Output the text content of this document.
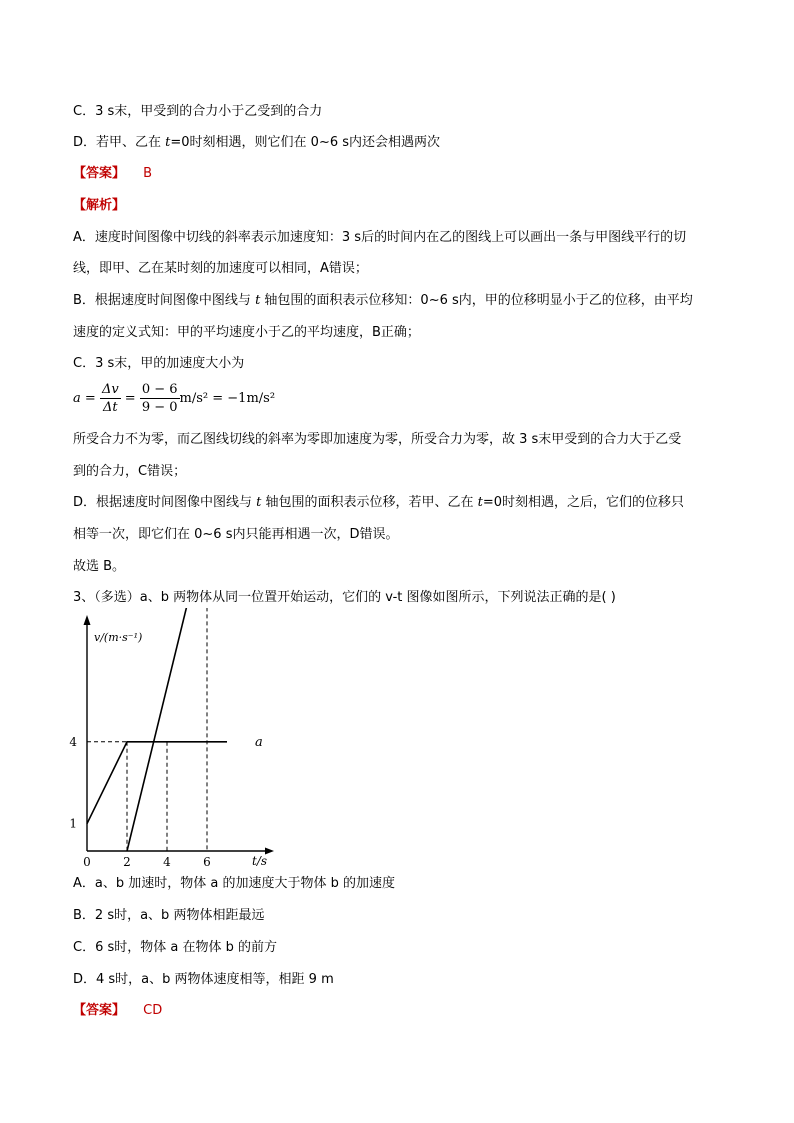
C．3 s末，甲受到的合力小于乙受到的合力
D．若甲、乙在 t=0时刻相遇，则它们在 0~6 s内还会相遇两次
【答案】 B
【解析】
A．速度时间图像中切线的斜率表示加速度知：3 s后的时间内在乙的图线上可以画出一条与甲图线平行的切
线，即甲、乙在某时刻的加速度可以相同，A错误；
B．根据速度时间图像中图线与 t 轴包围的面积表示位移知：0~6 s内，甲的位移明显小于乙的位移，由平均
速度的定义式知：甲的平均速度小于乙的平均速度，B正确；
C．3 s末，甲的加速度大小为
$a = \frac{\Delta v}{\Delta t} = \frac{0 - 6}{9 - 0} m/s^2 = -1m/s^2$
所受合力不为零，而乙图线切线的斜率为零即加速度为零，所受合力为零，故 3 s末甲受到的合力大于乙受
到的合力，C错误；
D．根据速度时间图像中图线与 t 轴包围的面积表示位移，若甲、乙在 t=0时刻相遇，之后，它们的位移只
相等一次，即它们在 0~6 s内只能再相遇一次，D错误。
故选 B。
3、（多选）a、b 两物体从同一位置开始运动，它们的 v-t 图像如图所示，下列说法正确的是( )
v/(m·s⁻¹)
t/s
a
0	2	4	6
1
4
A．a、b 加速时，物体 a 的加速度大于物体 b 的加速度
B．2 s时，a、b 两物体相距最远
C．6 s时，物体 a 在物体 b 的前方
D．4 s时，a、b 两物体速度相等，相距 9 m
【答案】 CD
